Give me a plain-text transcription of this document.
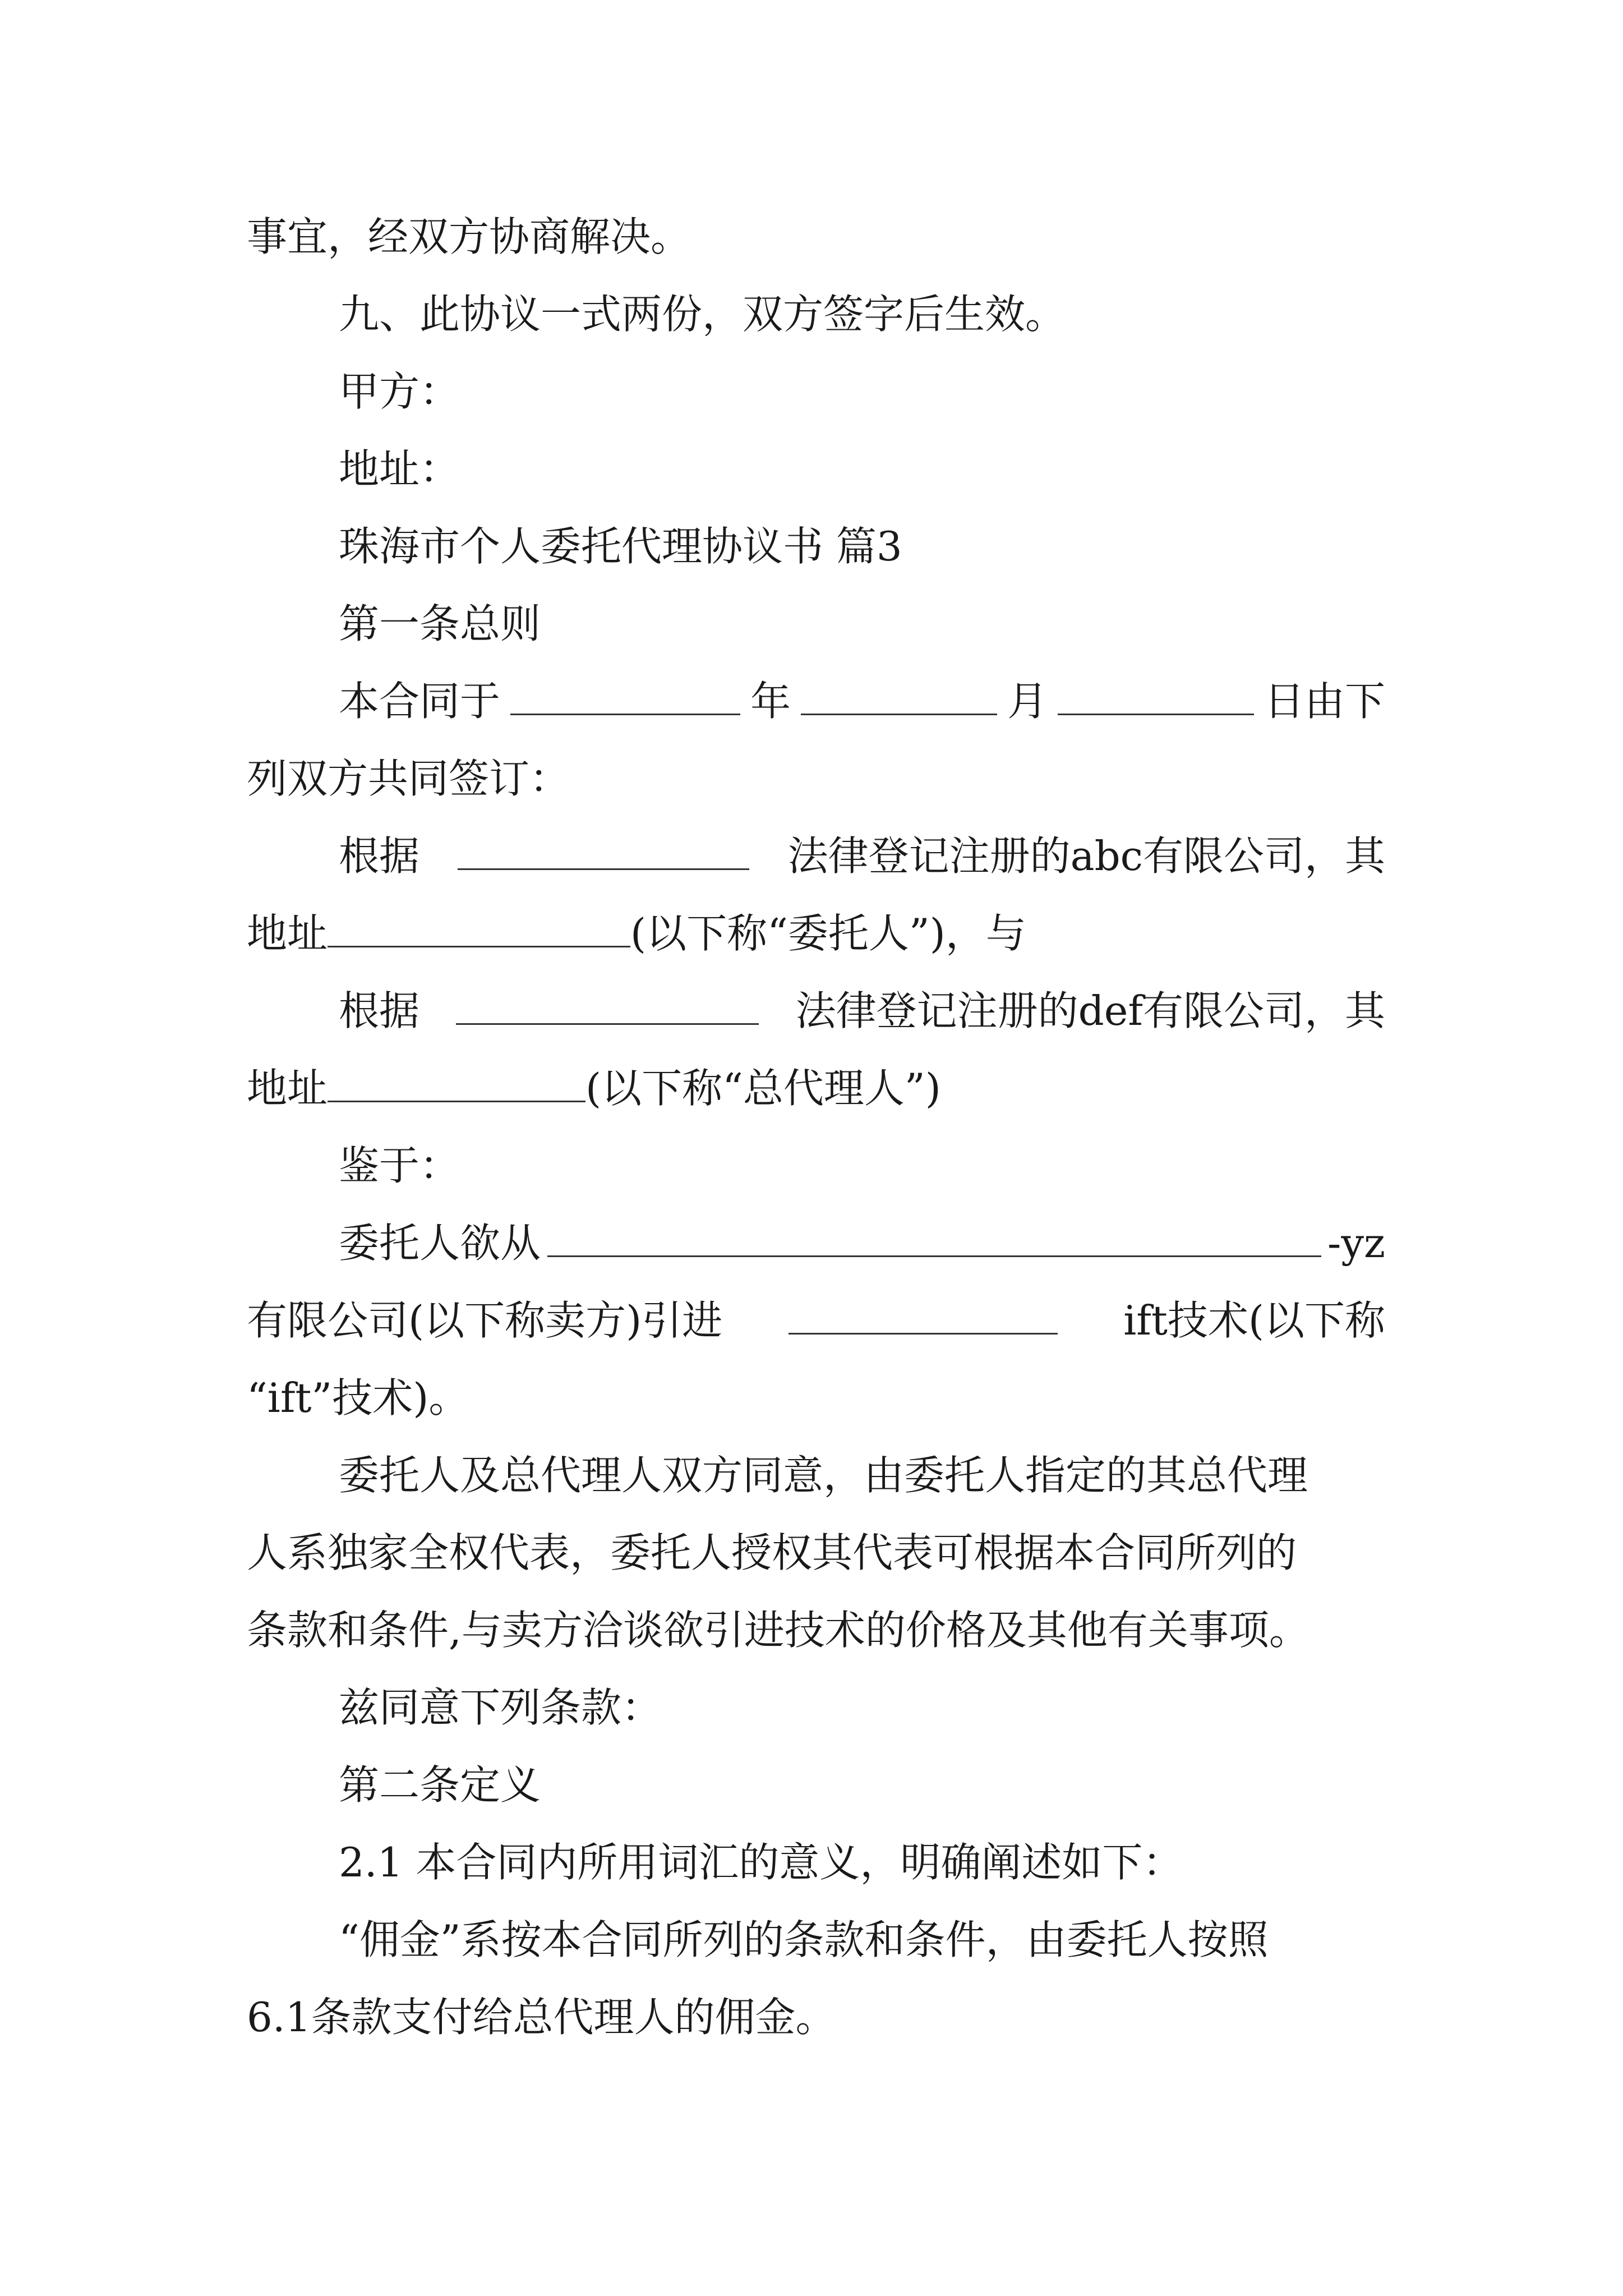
事宜，经双方协商解决。
九、此协议一式两份，双方签字后生效。
甲方：
地址：
珠海市个人委托代理协议书 篇3
第一条总则
本合同于	年	月	日由下
列双方共同签订：
根据	法律登记注册的abc有限公司，其
地址	(以下称“委托人”)，与
根据	法律登记注册的def有限公司，其
地址	(以下称“总代理人”)
鉴于：
委托人欲从	-yz
有限公司(以下称卖方)引进	ift技术(以下称
“ift”技术)。
委托人及总代理人双方同意，由委托人指定的其总代理
人系独家全权代表，委托人授权其代表可根据本合同所列的
条款和条件,与卖方洽谈欲引进技术的价格及其他有关事项。
兹同意下列条款：
第二条定义
2.1 本合同内所用词汇的意义，明确阐述如下：
“佣金”系按本合同所列的条款和条件，由委托人按照
6.1条款支付给总代理人的佣金。
